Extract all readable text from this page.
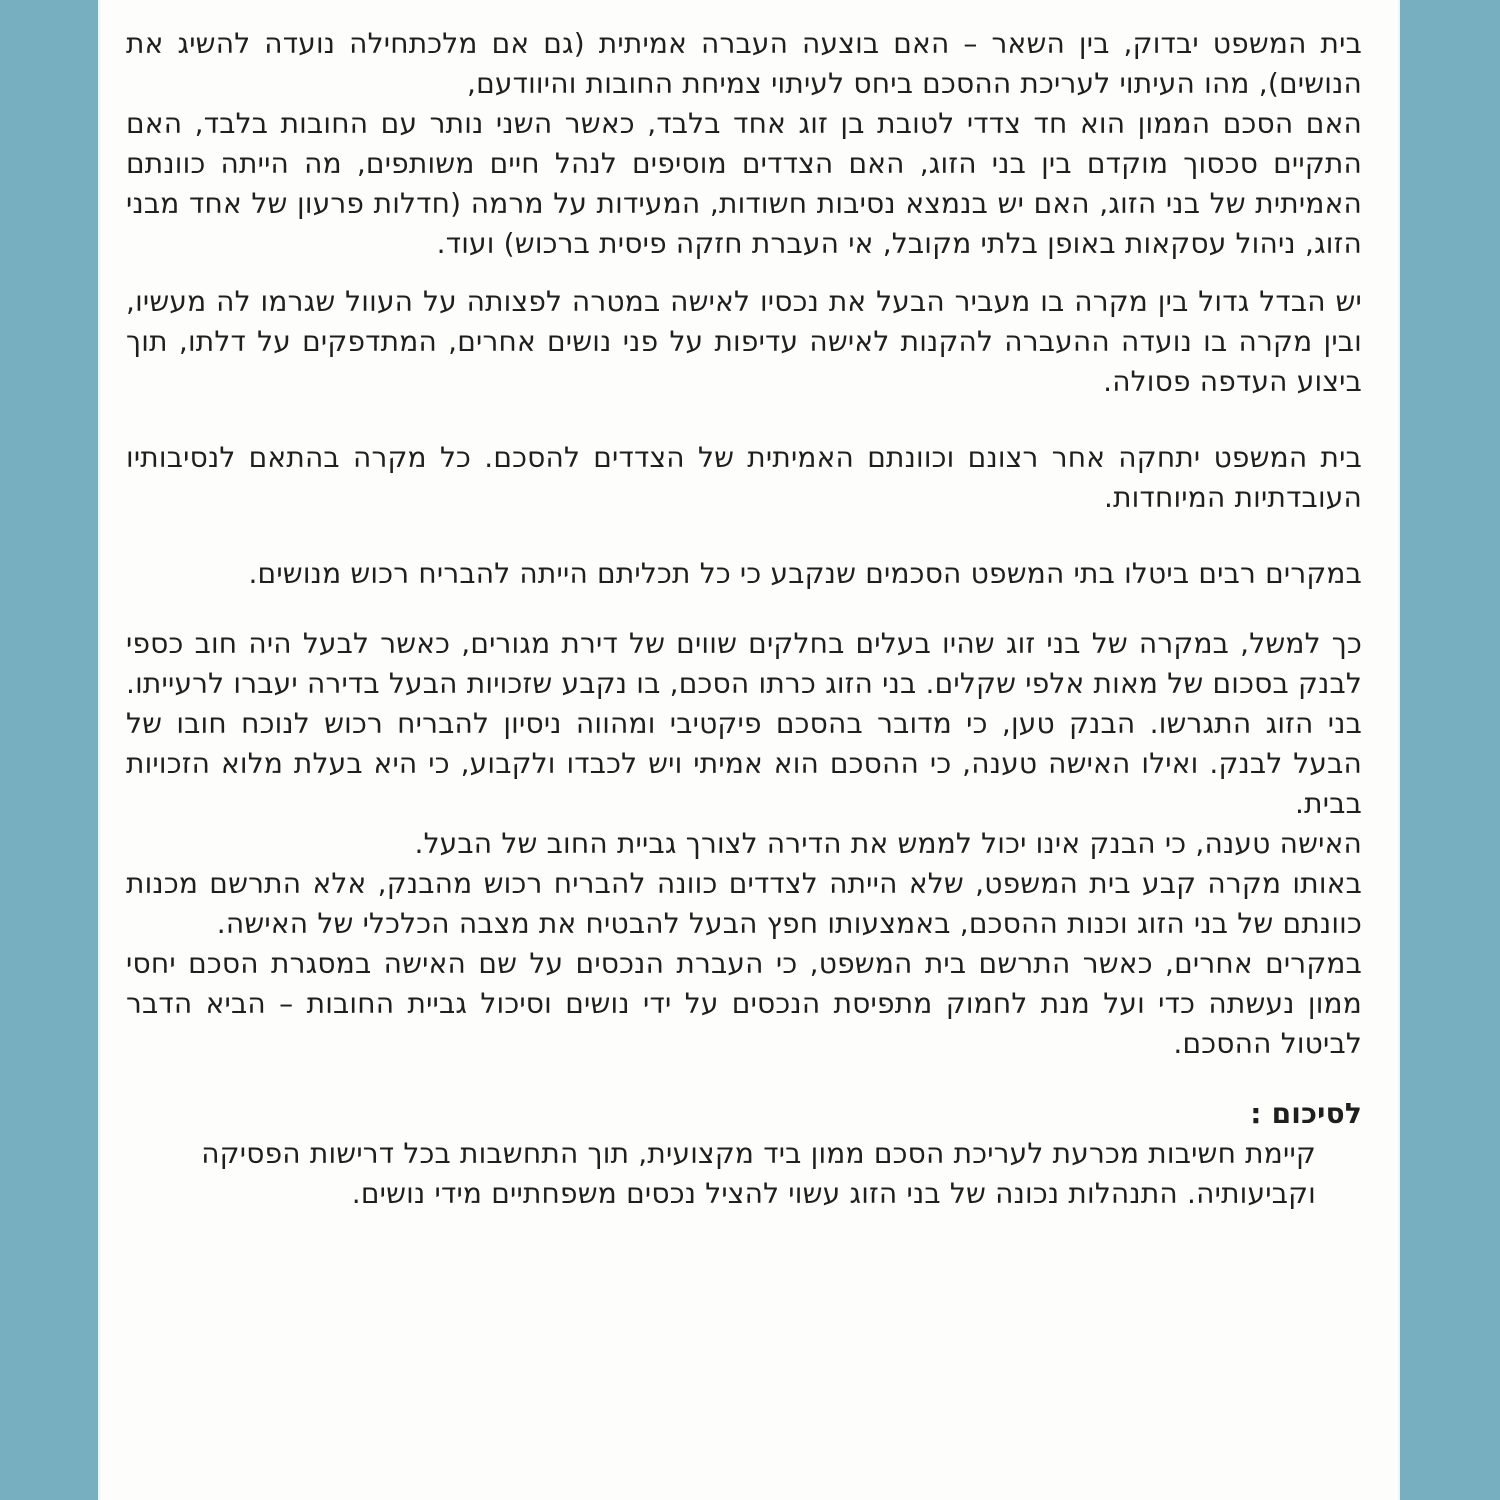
בית המשפט יבדוק, בין השאר – האם בוצעה העברה אמיתית (גם אם מלכתחילה נועדה להשיג את הנושים), מהו העיתוי לעריכת ההסכם ביחס לעיתוי צמיחת החובות והיוודעם,

האם הסכם הממון הוא חד צדדי לטובת בן זוג אחד בלבד, כאשר השני נותר עם החובות בלבד, האם התקיים סכסוך מוקדם בין בני הזוג, האם הצדדים מוסיפים לנהל חיים משותפים, מה הייתה כוונתם האמיתית של בני הזוג, האם יש בנמצא נסיבות חשודות, המעידות על מרמה (חדלות פרעון של אחד מבני הזוג, ניהול עסקאות באופן בלתי מקובל, אי העברת חזקה פיסית ברכוש) ועוד.

יש הבדל גדול בין מקרה בו מעביר הבעל את נכסיו לאישה במטרה לפצותה על העוול שגרמו לה מעשיו, ובין מקרה בו נועדה ההעברה להקנות לאישה עדיפות על פני נושים אחרים, המתדפקים על דלתו, תוך ביצוע העדפה פסולה.

בית המשפט יתחקה אחר רצונם וכוונתם האמיתית של הצדדים להסכם. כל מקרה בהתאם לנסיבותיו העובדתיות המיוחדות.

במקרים רבים ביטלו בתי המשפט הסכמים שנקבע כי כל תכליתם הייתה להבריח רכוש מנושים.

כך למשל, במקרה של בני זוג שהיו בעלים בחלקים שווים של דירת מגורים, כאשר לבעל היה חוב כספי לבנק בסכום של מאות אלפי שקלים. בני הזוג כרתו הסכם, בו נקבע שזכויות הבעל בדירה יעברו לרעייתו. בני הזוג התגרשו. הבנק טען, כי מדובר בהסכם פיקטיבי ומהווה ניסיון להבריח רכוש לנוכח חובו של הבעל לבנק. ואילו האישה טענה, כי ההסכם הוא אמיתי ויש לכבדו ולקבוע, כי היא בעלת מלוא הזכויות בבית.

האישה טענה, כי הבנק אינו יכול לממש את הדירה לצורך גביית החוב של הבעל.

באותו מקרה קבע בית המשפט, שלא הייתה לצדדים כוונה להבריח רכוש מהבנק, אלא התרשם מכנות כוונתם של בני הזוג וכנות ההסכם, באמצעותו חפץ הבעל להבטיח את מצבה הכלכלי של האישה.

במקרים אחרים, כאשר התרשם בית המשפט, כי העברת הנכסים על שם האישה במסגרת הסכם יחסי ממון נעשתה כדי ועל מנת לחמוק מתפיסת הנכסים על ידי נושים וסיכול גביית החובות – הביא הדבר לביטול ההסכם.

לסיכום :

קיימת חשיבות מכרעת לעריכת הסכם ממון ביד מקצועית, תוך התחשבות בכל דרישות הפסיקה וקביעותיה. התנהלות נכונה של בני הזוג עשוי להציל נכסים משפחתיים מידי נושים.
